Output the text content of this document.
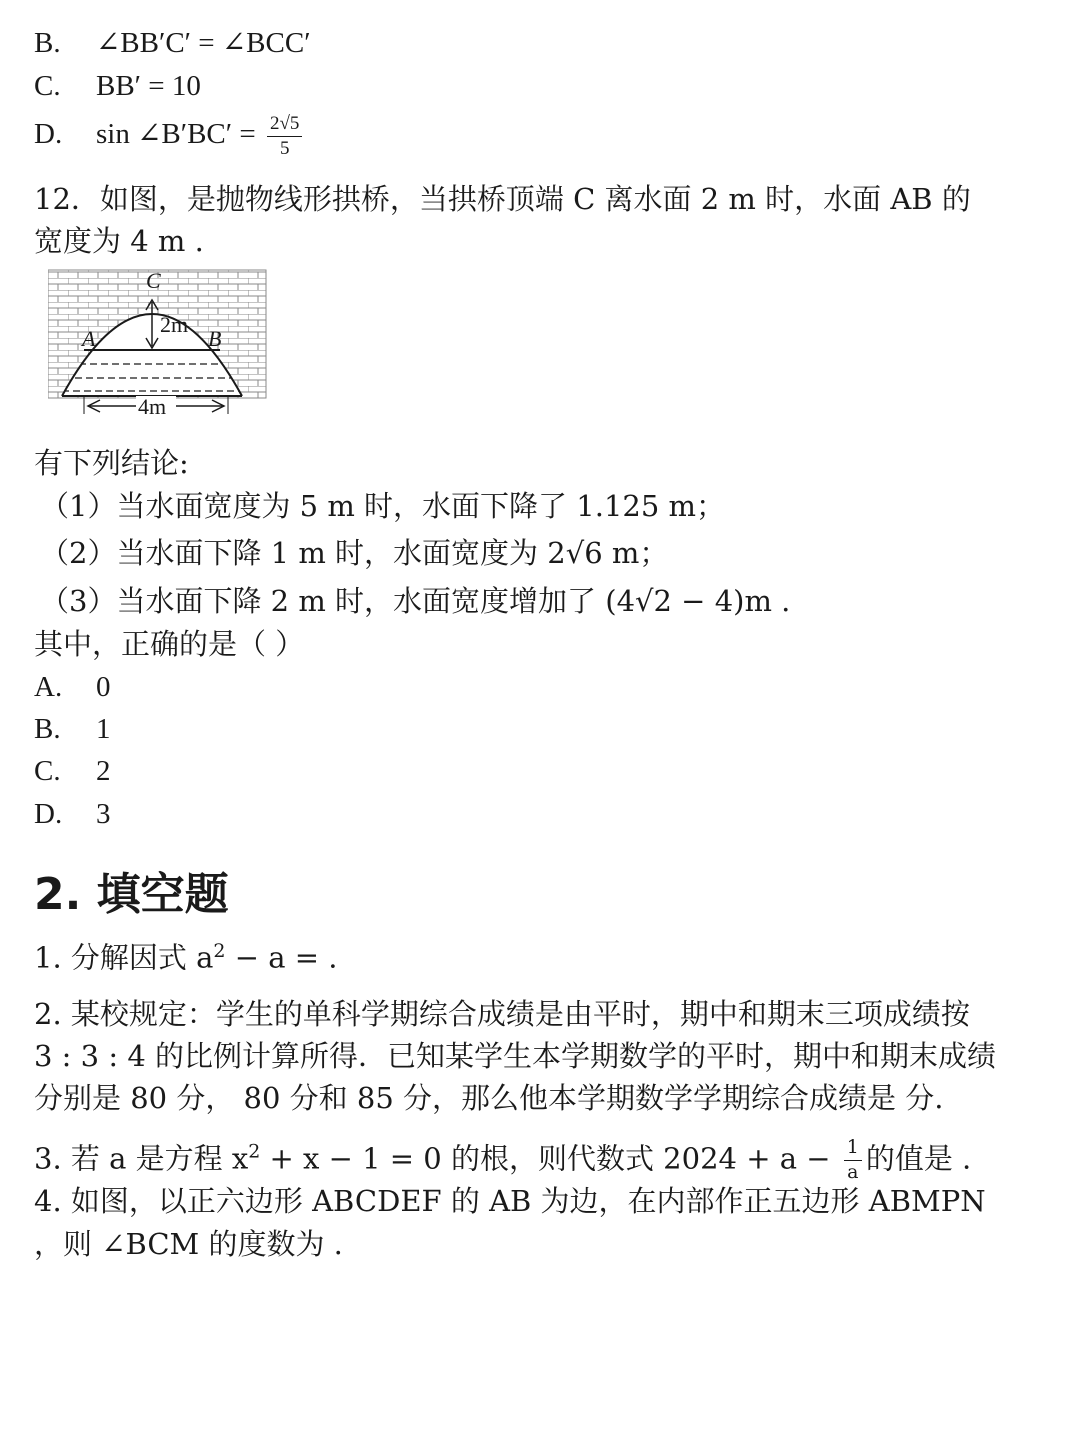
B. ∠BB′C′ = ∠BCC′
C. BB′ = 10
D. sin ∠B′BC′ = $\frac{2√5}{5}$
12．如图，是抛物线形拱桥，当拱桥顶端 C 离水面 2 m 时，水面 AB 的
宽度为 4 m .
C
A	B
2m
4m
有下列结论:
（1）当水面宽度为 5 m 时，水面下降了 1.125 m；
（2）当水面下降 1 m 时，水面宽度为 2√6 m；
（3）当水面下降 2 m 时，水面宽度增加了 (4√2 − 4)m .
其中，正确的是（ ）
A. 0
B. 1
C. 2
D. 3
2. 填空题
1. 分解因式 $a^2 - a$ = .
2. 某校规定：学生的单科学期综合成绩是由平时，期中和期末三项成绩按
3 : 3 : 4 的比例计算所得．已知某学生本学期数学的平时，期中和期末成绩
分别是 80 分， 80 分和 85 分，那么他本学期数学学期综合成绩是 分.
3. 若 a 是方程 $x^2 + x - 1 = 0$ 的根，则代数式 $2024 + a - \frac{1}{a}$ 的值是 .
4. 如图，以正六边形 ABCDEF 的 AB 为边，在内部作正五边形 ABMPN
，则 ∠BCM 的度数为 .
